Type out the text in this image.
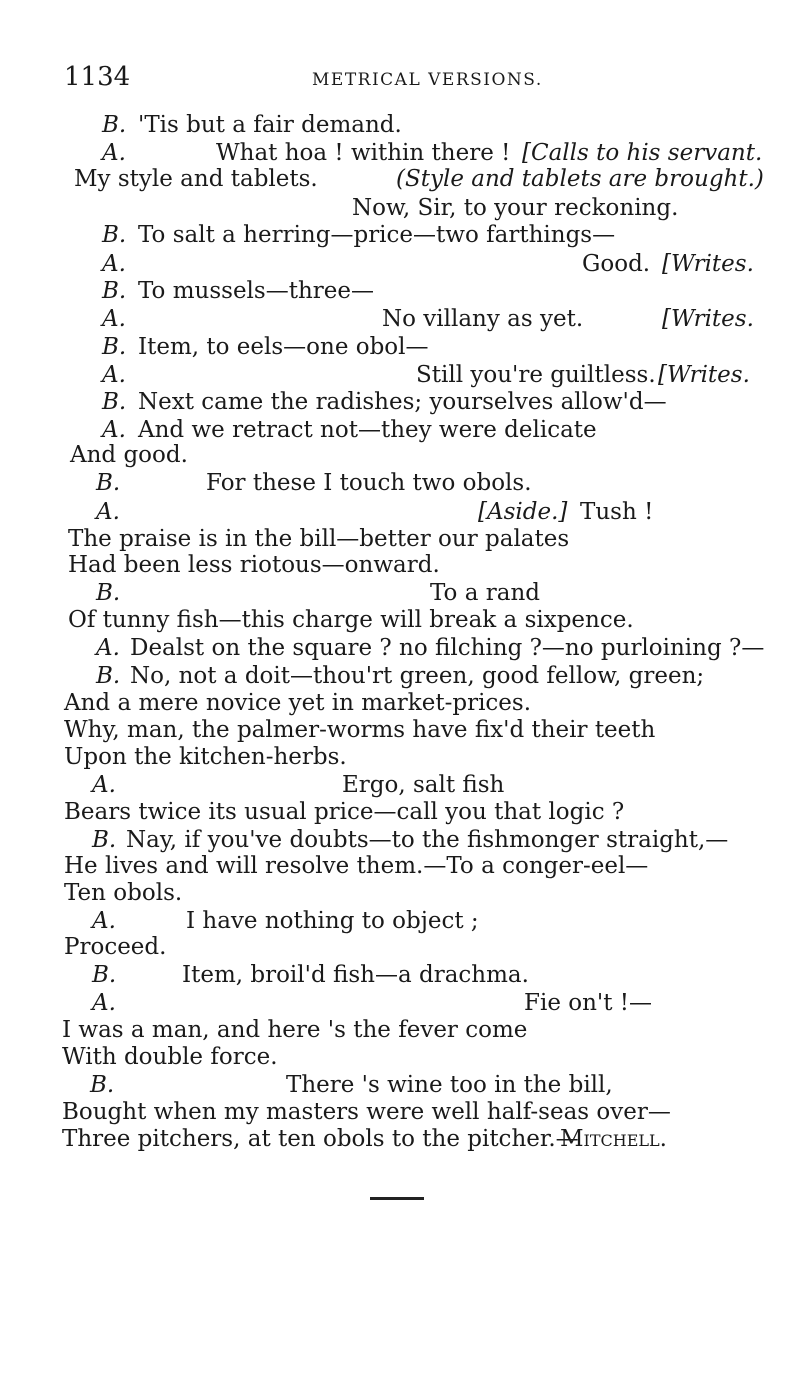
1134	METRICAL VERSIONS.
B. 'Tis but a fair demand.
A.	What hoa ! within there ! [Calls to his servant.
My style and tablets.	(Style and tablets are brought.)
Now, Sir, to your reckoning.
B. To salt a herring—price—two farthings—
A.	Good. [Writes.
B. To mussels—three—
A.	No villany as yet.	[Writes.
B. Item, to eels—one obol—
A.	Still you're guiltless. [Writes.
B. Next came the radishes; yourselves allow'd—
A. And we retract not—they were delicate
And good.
B.	For these I touch two obols.
A.	[Aside.] Tush !
The praise is in the bill—better our palates
Had been less riotous—onward.
B.	To a rand
Of tunny fish—this charge will break a sixpence.
A. Dealst on the square ? no filching ?—no purloining ?—
B. No, not a doit—thou'rt green, good fellow, green;
And a mere novice yet in market-prices.
Why, man, the palmer-worms have fix'd their teeth
Upon the kitchen-herbs.
A.	Ergo, salt fish
Bears twice its usual price—call you that logic ?
B. Nay, if you've doubts—to the fishmonger straight,—
He lives and will resolve them.—To a conger-eel—
Ten obols.
A.	I have nothing to object ;
Proceed.
B.	Item, broil'd fish—a drachma.
A.	Fie on't !—
I was a man, and here 's the fever come
With double force.
B.	There 's wine too in the bill,
Bought when my masters were well half-seas over—
Three pitchers, at ten obols to the pitcher.—
Mitchell.
